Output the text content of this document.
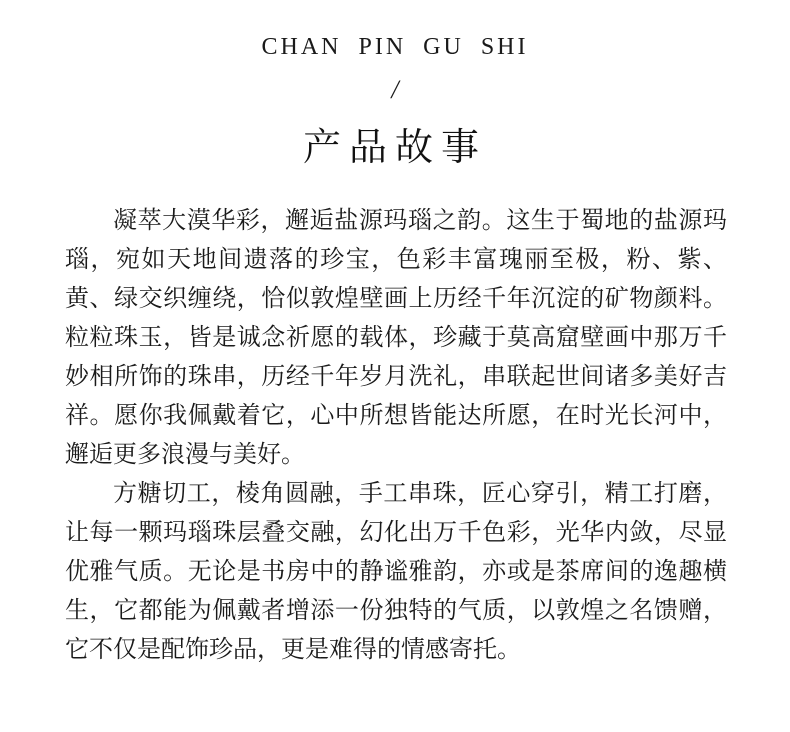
CHAN PIN GU SHI
/
产品故事

凝萃大漠华彩，邂逅盐源玛瑙之韵。这生于蜀地的盐源玛瑙，宛如天地间遗落的珍宝，色彩丰富瑰丽至极，粉、紫、黄、绿交织缠绕，恰似敦煌壁画上历经千年沉淀的矿物颜料。粒粒珠玉，皆是诚念祈愿的载体，珍藏于莫高窟壁画中那万千妙相所饰的珠串，历经千年岁月洗礼，串联起世间诸多美好吉祥。愿你我佩戴着它，心中所想皆能达所愿，在时光长河中，邂逅更多浪漫与美好。

方糖切工，棱角圆融，手工串珠，匠心穿引，精工打磨，让每一颗玛瑙珠层叠交融，幻化出万千色彩，光华内敛，尽显优雅气质。无论是书房中的静谧雅韵，亦或是茶席间的逸趣横生，它都能为佩戴者增添一份独特的气质，以敦煌之名馈赠，它不仅是配饰珍品，更是难得的情感寄托。
